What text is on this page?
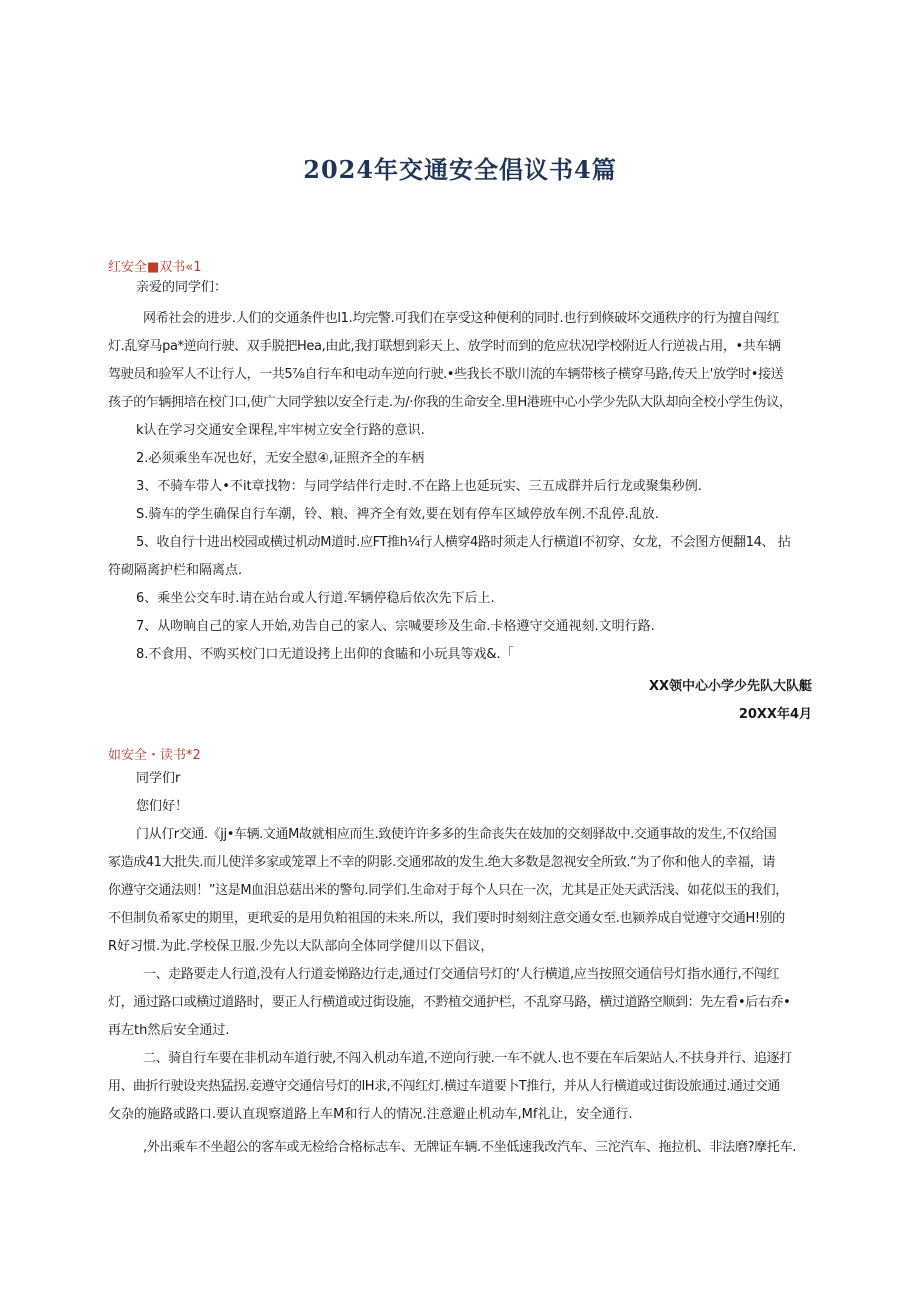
2024年交通安全倡议书4篇
红安全■双书«1
亲爱的同学们：
网希社会的进步.人们的交通条件也l1.均完警.可我们在享受这种便利的同时.也行到倏破坏交通秩序的行为擅自闯红
灯.乱穿马pa*逆向行驶、双手脱把Hea,由此,我打联想到彩天上、放学时而到的危应状况l学校附近人行逆祓占用，•共车辆
驾驶员和验军人不让行人，一共5⅞自行车和电动车逆向行驶.•些我长不歇川流的车辆带核子横穿马路,传天上'放学时•接送
孩子的乍辆拥培在校门口,使广大同学独以安全行走.为/·你我的生命安全.里H港班中心小学少先队大队却向全校小学生伪议，
k认在学习交通安全课程,牢牢树立安全行路的意识.
2.必须乘坐车况也好，无安全慰④,证照齐全的车柄
3、不骑车带人•不it章找物：与同学结伴行走时.不在路上也延玩实、三五成群并后行龙或聚集秒例.
S.骑车的学生确保自行车潮，铃、粮、裨齐全有效,要在划有停车区域停放车例.不乱停.乱放.
5、收自行十进出校园或横过机动M道时.应FT推h¼行人横穿4路时须走人行横道l不初穿、女龙，不会图方便翻14、 拈
符砌隔离护栏和隔离点.
6、乘坐公交车时.请在站台或人行道.军辆停稳后依次先下后上.
7、从吻晌自己的家人开始,劝告自己的家人、宗喊要珍及生命.卡格遵守交通视刻.文明行路.
8.不食用、不购买校门口无道设拷上出仰的食瞌和小玩具等戏&.「
XX领中心小学少先队大队艇
20XX年4月
如安全・读书*2
同学们r
您们好！
门从仃r交通.《jj•车辆.文通M故就相应而生.致使许许多多的生命丧失在妓加的交刻驿故中.交通事故的发生,不仅给国
冢造成41大批失.而儿使洋多家或笼罩上不幸的阴影.交通邪故的发生.绝大多数是忽视安全所致.“为了你和他人的幸福，请
你遵守交通法则！”这是M血泪总菇出米的警句.同学们.生命对于每个人只在一次，尤其是正处天武活浅、如花似玉的我们，
不但制负希冢史的期里，更玳妥的是用负粕祖国的未来.所以，我们要时时刻刻注意交通女至.也颍养成自觉遵守交通H!别的
R好习惯.为此.学校保卫服.少先以大队部向全体同学健川以下倡议，
一、走路要走人行道,没有人行道妾悌路边行走,通过仃交通信号灯的‘人行横道,应当按照交通信号灯指水通行,不闯红
灯，通过路口或横过道路时，要正人行横道或过街设施，不黔植交通护栏，不乱穿马路，横过道路空顺到：先左看•后右乔•
再左th然后安全通过.
二、骑自行车要在非机动车道行驶,不闯入机动车道,不逆向行驶.一车不就人.也不要在车后架站人.不扶身并行、追逐打
用、曲折行驶设夹热猛拐.妾遵守交通信号灯的lH求,不闯红灯.横过车道要卜T推行，并从人行横道或过街设旅通过.通过交通
攵杂的施路或路口.要认直现察道路上车M和行人的情况.注意避止机动车,Mf礼让，安全通行.
,外出乘车不坐超公的客车或无检给合格标志车、无牌证车辆.不坐低速我改汽车、三沱汽车、拖拉机、非法磨?摩托车.
